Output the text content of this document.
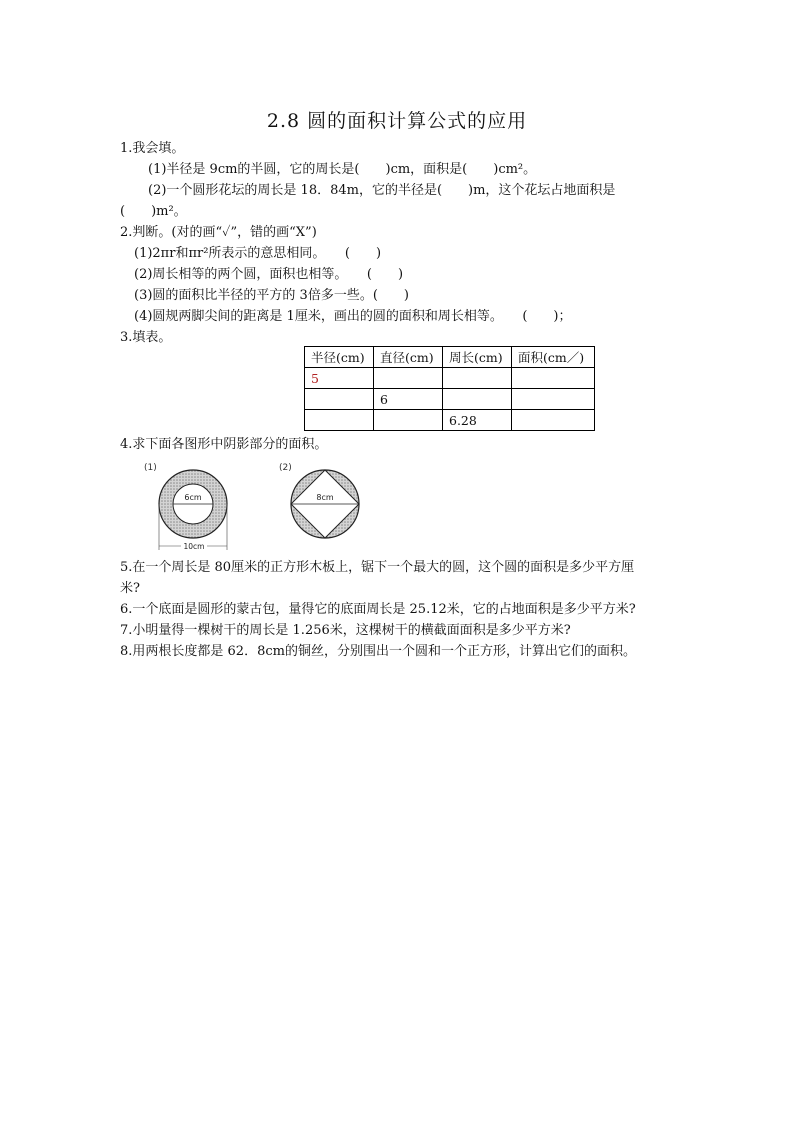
2.8 圆的面积计算公式的应用
1.我会填。
(1)半径是 9cm的半圆，它的周长是(　　)cm，面积是(　　)cm²。
(2)一个圆形花坛的周长是 18．84m，它的半径是(　　)m，这个花坛占地面积是
(　　)m²。
2.判断。(对的画“✓”，错的画“X”)
(1)2πr和πr²所表示的意思相同。　　(　　)
(2)周长相等的两个圆，面积也相等。　　(　　)
(3)圆的面积比半径的平方的 3倍多一些。(　　)
(4)圆规两脚尖间的距离是 1厘米，画出的圆的面积和周长相等。　　(　　)；
3.填表。
半径(cm)	直径(cm)	周长(cm)	面积(cm／)
5			
	6		
		6.28	
4.求下面各图形中阴影部分的面积。
(1)
6cm
10cm
(2)
8cm
5.在一个周长是 80厘米的正方形木板上，锯下一个最大的圆，这个圆的面积是多少平方厘
米?
6.一个底面是圆形的蒙古包，量得它的底面周长是 25.12米，它的占地面积是多少平方米?
7.小明量得一棵树干的周长是 1.256米，这棵树干的横截面面积是多少平方米?
8.用两根长度都是 62．8cm的铜丝，分别围出一个圆和一个正方形，计算出它们的面积。
